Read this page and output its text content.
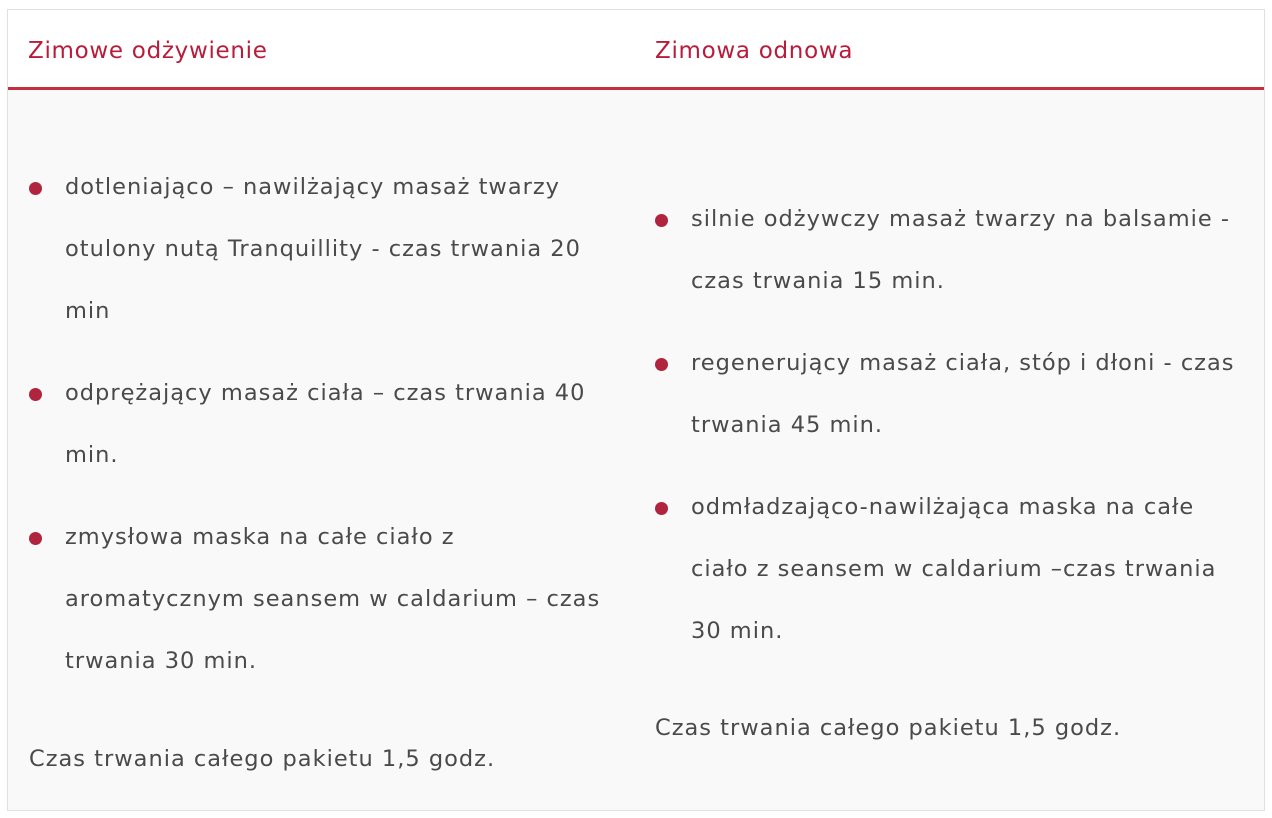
Zimowe odżywienie	Zimowa odnowa
dotleniająco – nawilżający masaż twarzy otulony nutą Tranquillity - czas trwania 20 min
odprężający masaż ciała – czas trwania 40 min.
zmysłowa maska na całe ciało z aromatycznym seansem w caldarium – czas trwania 30 min.
Czas trwania całego pakietu 1,5 godz.
silnie odżywczy masaż twarzy na balsamie -czas trwania 15 min.
regenerujący masaż ciała, stóp i dłoni - czas trwania 45 min.
odmładzająco-nawilżająca maska na całe ciało z seansem w caldarium –czas trwania 30 min.
Czas trwania całego pakietu 1,5 godz.
